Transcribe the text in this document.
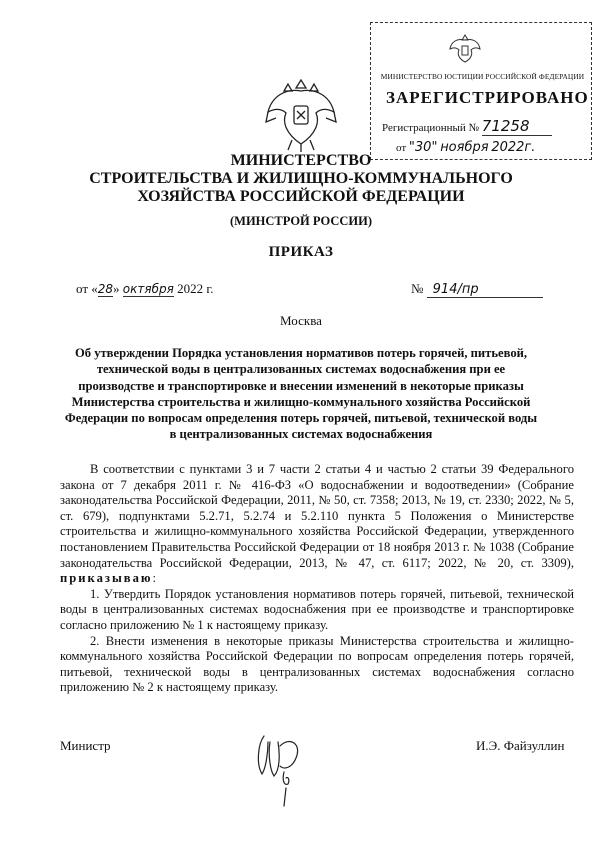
МИНИСТЕРСТВО ЮСТИЦИИ РОССИЙСКОЙ ФЕДЕРАЦИИ
ЗАРЕГИСТРИРОВАНО
Регистрационный № 71258
от "30" ноября 2022г.
МИНИСТЕРСТВО
СТРОИТЕЛЬСТВА И ЖИЛИЩНО-КОММУНАЛЬНОГО
ХОЗЯЙСТВА РОССИЙСКОЙ ФЕДЕРАЦИИ
(МИНСТРОЙ РОССИИ)
ПРИКАЗ
от «28» октября 2022 г.	№ 914/пр
Москва
Об утверждении Порядка установления нормативов потерь горячей, питьевой, технической воды в централизованных системах водоснабжения при ее производстве и транспортировке и внесении изменений в некоторые приказы Министерства строительства и жилищно-коммунального хозяйства Российской Федерации по вопросам определения потерь горячей, питьевой, технической воды в централизованных системах водоснабжения

В соответствии с пунктами 3 и 7 части 2 статьи 4 и частью 2 статьи 39 Федерального закона от 7 декабря 2011 г. № 416-ФЗ «О водоснабжении и водоотведении» (Собрание законодательства Российской Федерации, 2011, № 50, ст. 7358; 2013, № 19, ст. 2330; 2022, № 5, ст. 679), подпунктами 5.2.71, 5.2.74 и 5.2.110 пункта 5 Положения о Министерстве строительства и жилищно-коммунального хозяйства Российской Федерации, утвержденного постановлением Правительства Российской Федерации от 18 ноября 2013 г. № 1038 (Собрание законодательства Российской Федерации, 2013, № 47, ст. 6117; 2022, № 20, ст. 3309), приказываю:

1. Утвердить Порядок установления нормативов потерь горячей, питьевой, технической воды в централизованных системах водоснабжения при ее производстве и транспортировке согласно приложению № 1 к настоящему приказу.

2. Внести изменения в некоторые приказы Министерства строительства и жилищно-коммунального хозяйства Российской Федерации по вопросам определения потерь горячей, питьевой, технической воды в централизованных системах водоснабжения согласно приложению № 2 к настоящему приказу.

Министр	И.Э. Файзуллин
